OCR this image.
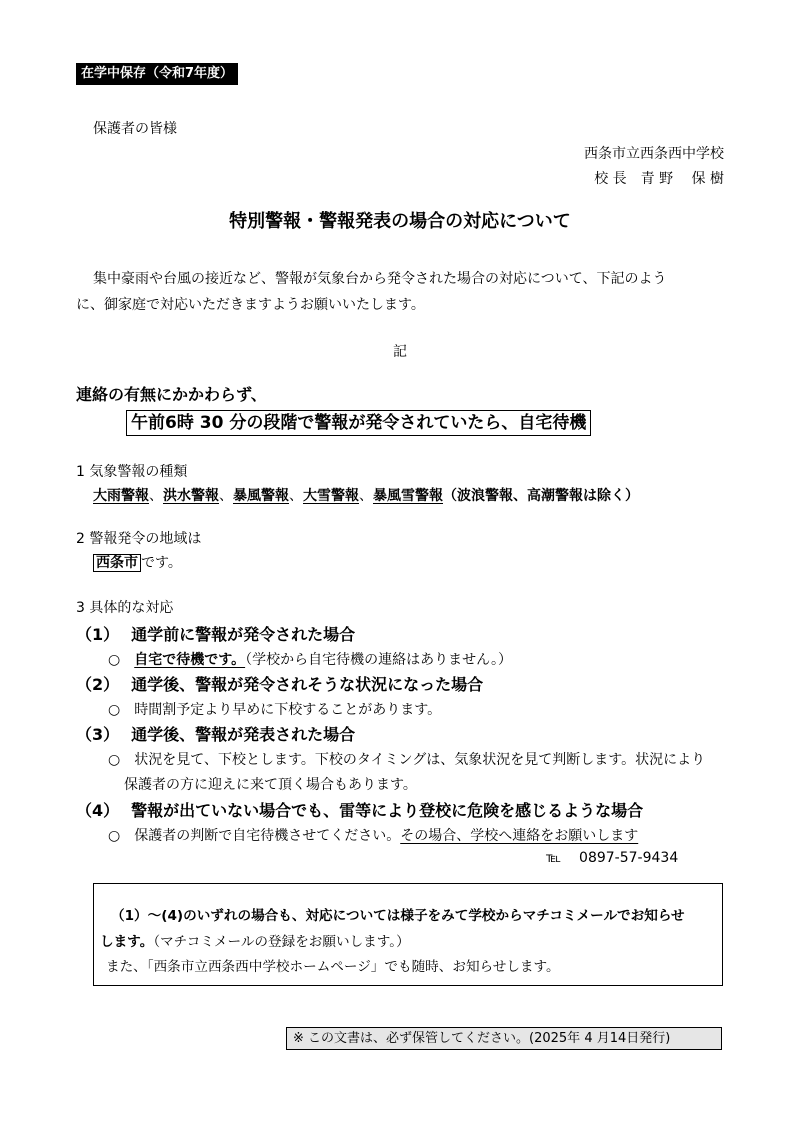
在学中保存（令和7年度）
保護者の皆様
西条市立西条西中学校
校 長　青 野　 保 樹
特別警報・警報発表の場合の対応について
集中豪雨や台風の接近など、警報が気象台から発令された場合の対応について、下記のよう
に、御家庭で対応いただきますようお願いいたします。
記
連絡の有無にかかわらず、
午前6時 30 分の段階で警報が発令されていたら、自宅待機
1 気象警報の種類
大雨警報、洪水警報、暴風警報、大雪警報、暴風雪警報（波浪警報、高潮警報は除く）
2 警報発令の地域は
西条市 です。
3 具体的な対応
（1） 通学前に警報が発令された場合
○ 自宅で待機です。（学校から自宅待機の連絡はありません。）
（2） 通学後、警報が発令されそうな状況になった場合
○ 時間割予定より早めに下校することがあります。
（3） 通学後、警報が発表された場合
○ 状況を見て、下校とします。下校のタイミングは、気象状況を見て判断します。状況により
保護者の方に迎えに来て頂く場合もあります。
（4） 警報が出ていない場合でも、雷等により登校に危険を感じるような場合
○ 保護者の判断で自宅待機させてください。その場合、学校へ連絡をお願いします
℡ 0897-57-9434
（1）～(4)のいずれの場合も、対応については様子をみて学校からマチコミメールでお知らせ
します。（マチコミメールの登録をお願いします。）
また、「西条市立西条西中学校ホームページ」でも随時、お知らせします。
※ この文書は、必ず保管してください。(2025年 4 月14日発行)
